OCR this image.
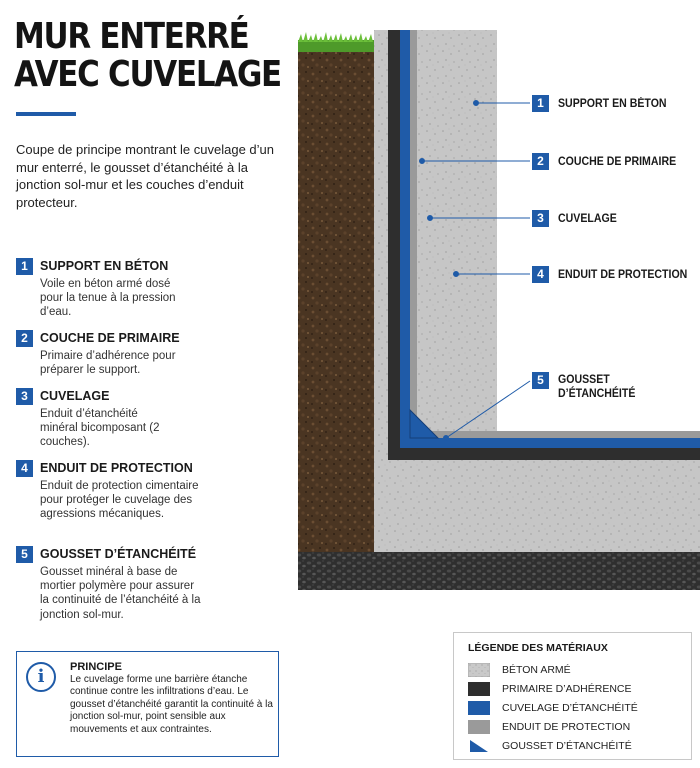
MUR ENTERRÉ
AVEC CUVELAGE
Coupe de principe montrant le cuvelage d’un mur enterré, le gousset d’étanchéité à la jonction sol-mur et les couches d’enduit protecteur.
1 SUPPORT EN BÉTON
Voile en béton armé dosé pour la tenue à la pression d’eau.
2 COUCHE DE PRIMAIRE
Primaire d’adhérence pour préparer le support.
3 CUVELAGE
Enduit d’étanchéité minéral bicomposant (2 couches).
4 ENDUIT DE PROTECTION
Enduit de protection cimentaire pour protéger le cuvelage des agressions mécaniques.
5 GOUSSET D’ÉTANCHÉITÉ
Gousset minéral à base de mortier polymère pour assurer la continuité de l’étanchéité à la jonction sol-mur.
i	PRINCIPE
Le cuvelage forme une barrière étanche continue contre les infiltrations d’eau. Le gousset d’étanchéité garantit la continuité à la jonction sol-mur, point sensible aux mouvements et aux contraintes.
1	SUPPORT EN BÉTON
2	COUCHE DE PRIMAIRE
3	CUVELAGE
4	ENDUIT DE PROTECTION
5	GOUSSET
D’ÉTANCHÉITÉ
LÉGENDE DES MATÉRIAUX
BÉTON ARMÉ
PRIMAIRE D’ADHÉRENCE
CUVELAGE D’ÉTANCHÉITÉ
ENDUIT DE PROTECTION
GOUSSET D’ÉTANCHÉITÉ
